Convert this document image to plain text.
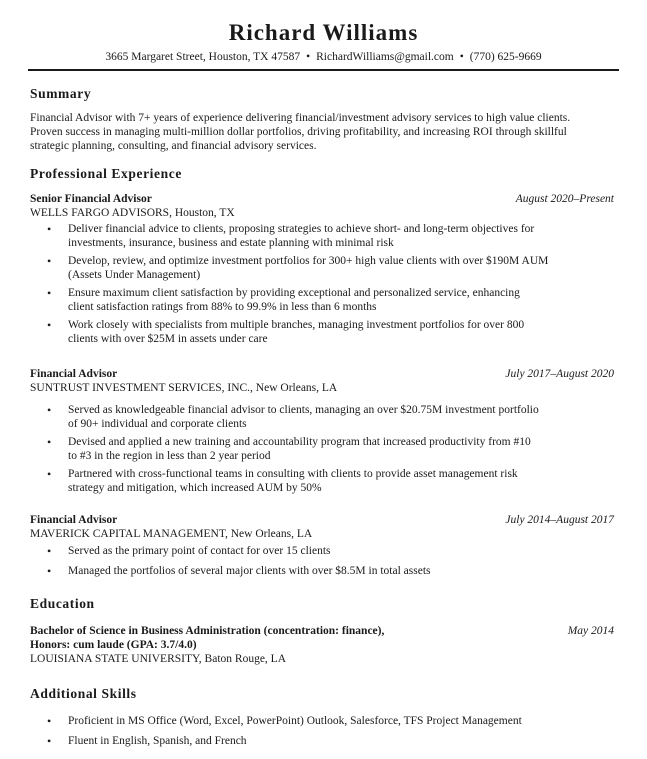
Richard Williams
3665 Margaret Street, Houston, TX 47587 • RichardWilliams@gmail.com • (770) 625-9669
Summary
Financial Advisor with 7+ years of experience delivering financial/investment advisory services to high value clients.
Proven success in managing multi-million dollar portfolios, driving profitability, and increasing ROI through skillful
strategic planning, consulting, and financial advisory services.
Professional Experience
Senior Financial Advisor	August 2020–Present
WELLS FARGO ADVISORS, Houston, TX
• Deliver financial advice to clients, proposing strategies to achieve short- and long-term objectives for
investments, insurance, business and estate planning with minimal risk
• Develop, review, and optimize investment portfolios for 300+ high value clients with over $190M AUM
(Assets Under Management)
• Ensure maximum client satisfaction by providing exceptional and personalized service, enhancing
client satisfaction ratings from 88% to 99.9% in less than 6 months
• Work closely with specialists from multiple branches, managing investment portfolios for over 800
clients with over $25M in assets under care
Financial Advisor	July 2017–August 2020
SUNTRUST INVESTMENT SERVICES, INC., New Orleans, LA
• Served as knowledgeable financial advisor to clients, managing an over $20.75M investment portfolio
of 90+ individual and corporate clients
• Devised and applied a new training and accountability program that increased productivity from #10
to #3 in the region in less than 2 year period
• Partnered with cross-functional teams in consulting with clients to provide asset management risk
strategy and mitigation, which increased AUM by 50%
Financial Advisor	July 2014–August 2017
MAVERICK CAPITAL MANAGEMENT, New Orleans, LA
• Served as the primary point of contact for over 15 clients
• Managed the portfolios of several major clients with over $8.5M in total assets
Education
Bachelor of Science in Business Administration (concentration: finance),	May 2014
Honors: cum laude (GPA: 3.7/4.0)
LOUISIANA STATE UNIVERSITY, Baton Rouge, LA
Additional Skills
• Proficient in MS Office (Word, Excel, PowerPoint) Outlook, Salesforce, TFS Project Management
• Fluent in English, Spanish, and French
